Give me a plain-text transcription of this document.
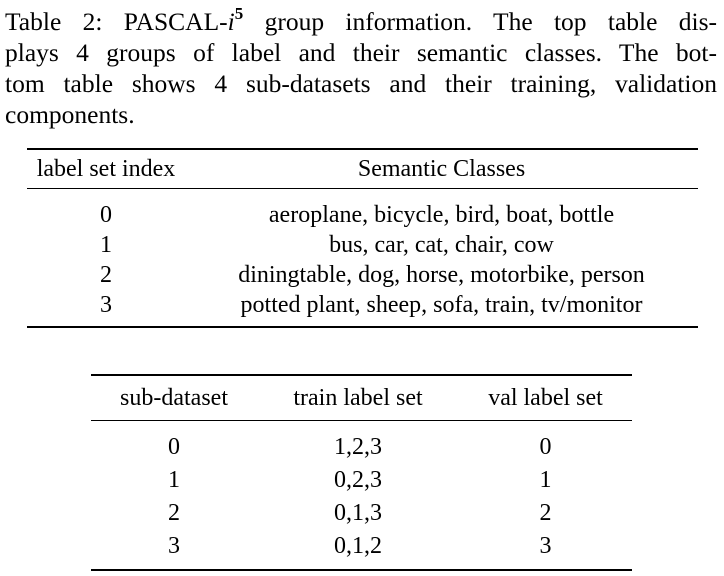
Table 2: PASCAL-$i^5$ group information. The top table dis-
plays 4 groups of label and their semantic classes. The bot-
tom table shows 4 sub-datasets and their training, validation
components.

label set index	Semantic Classes
0	aeroplane, bicycle, bird, boat, bottle
1	bus, car, cat, chair, cow
2	diningtable, dog, horse, motorbike, person
3	potted plant, sheep, sofa, train, tv/monitor
sub-dataset	train label set	val label set
0	1,2,3	0
1	0,2,3	1
2	0,1,3	2
3	0,1,2	3
